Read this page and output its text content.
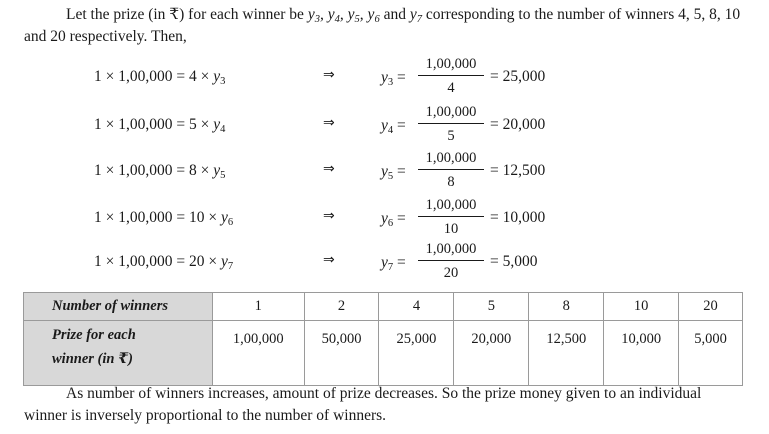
Let the prize (in ₹) for each winner be $y_3$, $y_4$, $y_5$, $y_6$ and $y_7$ corresponding to the number of winners 4, 5, 8, 10 and 20 respectively. Then,

$1 \times 1,00,000 = 4 \times y_3$	⇒	$y_3$ =
1,00,000
4
= 25,000
$1 \times 1,00,000 = 5 \times y_4$	⇒	$y_4$ =
1,00,000
5
= 20,000
$1 \times 1,00,000 = 8 \times y_5$	⇒	$y_5$ =
1,00,000
8
= 12,500
$1 \times 1,00,000 = 10 \times y_6$	⇒	$y_6$ =
1,00,000
10
= 10,000
$1 \times 1,00,000 = 20 \times y_7$	⇒	$y_7$ =
1,00,000
20
= 5,000
Number of winners	1	2	4	5	8	10	20
Prize for each
winner (in ₹)	1,00,000	50,000	25,000	20,000	12,500	10,000	5,000

As number of winners increases, amount of prize decreases. So the prize money given to an individual winner is inversely proportional to the number of winners.
